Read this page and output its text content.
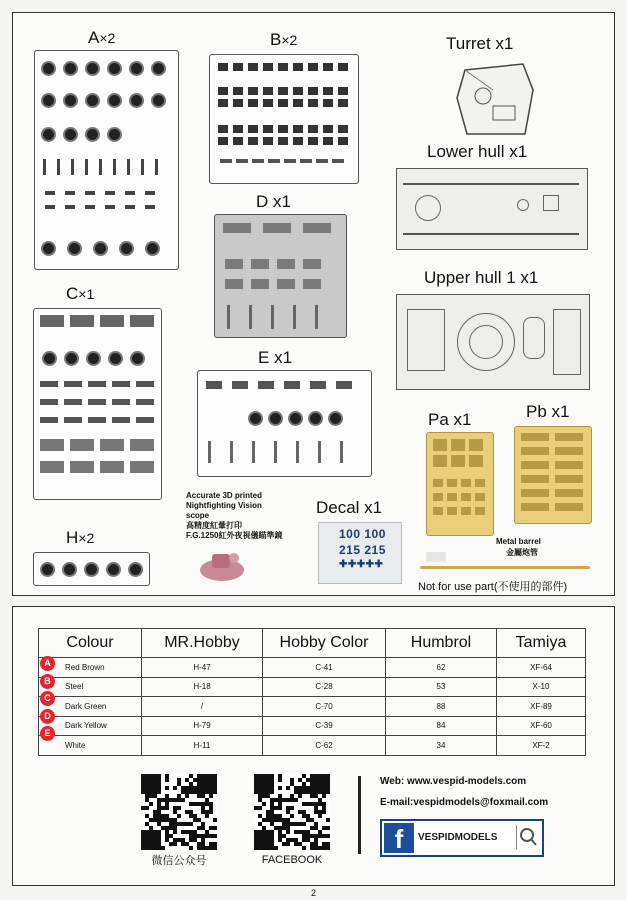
A×2	B×2
D x1
Turret x1
Lower hull x1
Upper hull 1 x1
C×1
E x1
Pa x1	Pb x1
Metal barrel
金屬炮管
Not for use part(不使用的部件)
H×2
Accurate 3D printed
Nightfighting Vision
scope
高精度紅暈打印
F.G.1250紅外夜視儀瞄準鏡
Decal x1
100 100
215 215
✚✚✚✚✚
Colour	MR.Hobby	Hobby Color	Humbrol	Tamiya
Red Brown	H-47	C-41	62	XF-64
Steel	H-18	C-28	53	X-10
Dark Green	/	C-70	88	XF-89
Dark Yellow	H-79	C-39	84	XF-60
White	H-11	C-62	34	XF-2
A
B
C
D
E
微信公众号	FACEBOOK
Web: www.vespid-models.com
E-mail:vespidmodels@foxmail.com
f	VESPIDMODELS
2
